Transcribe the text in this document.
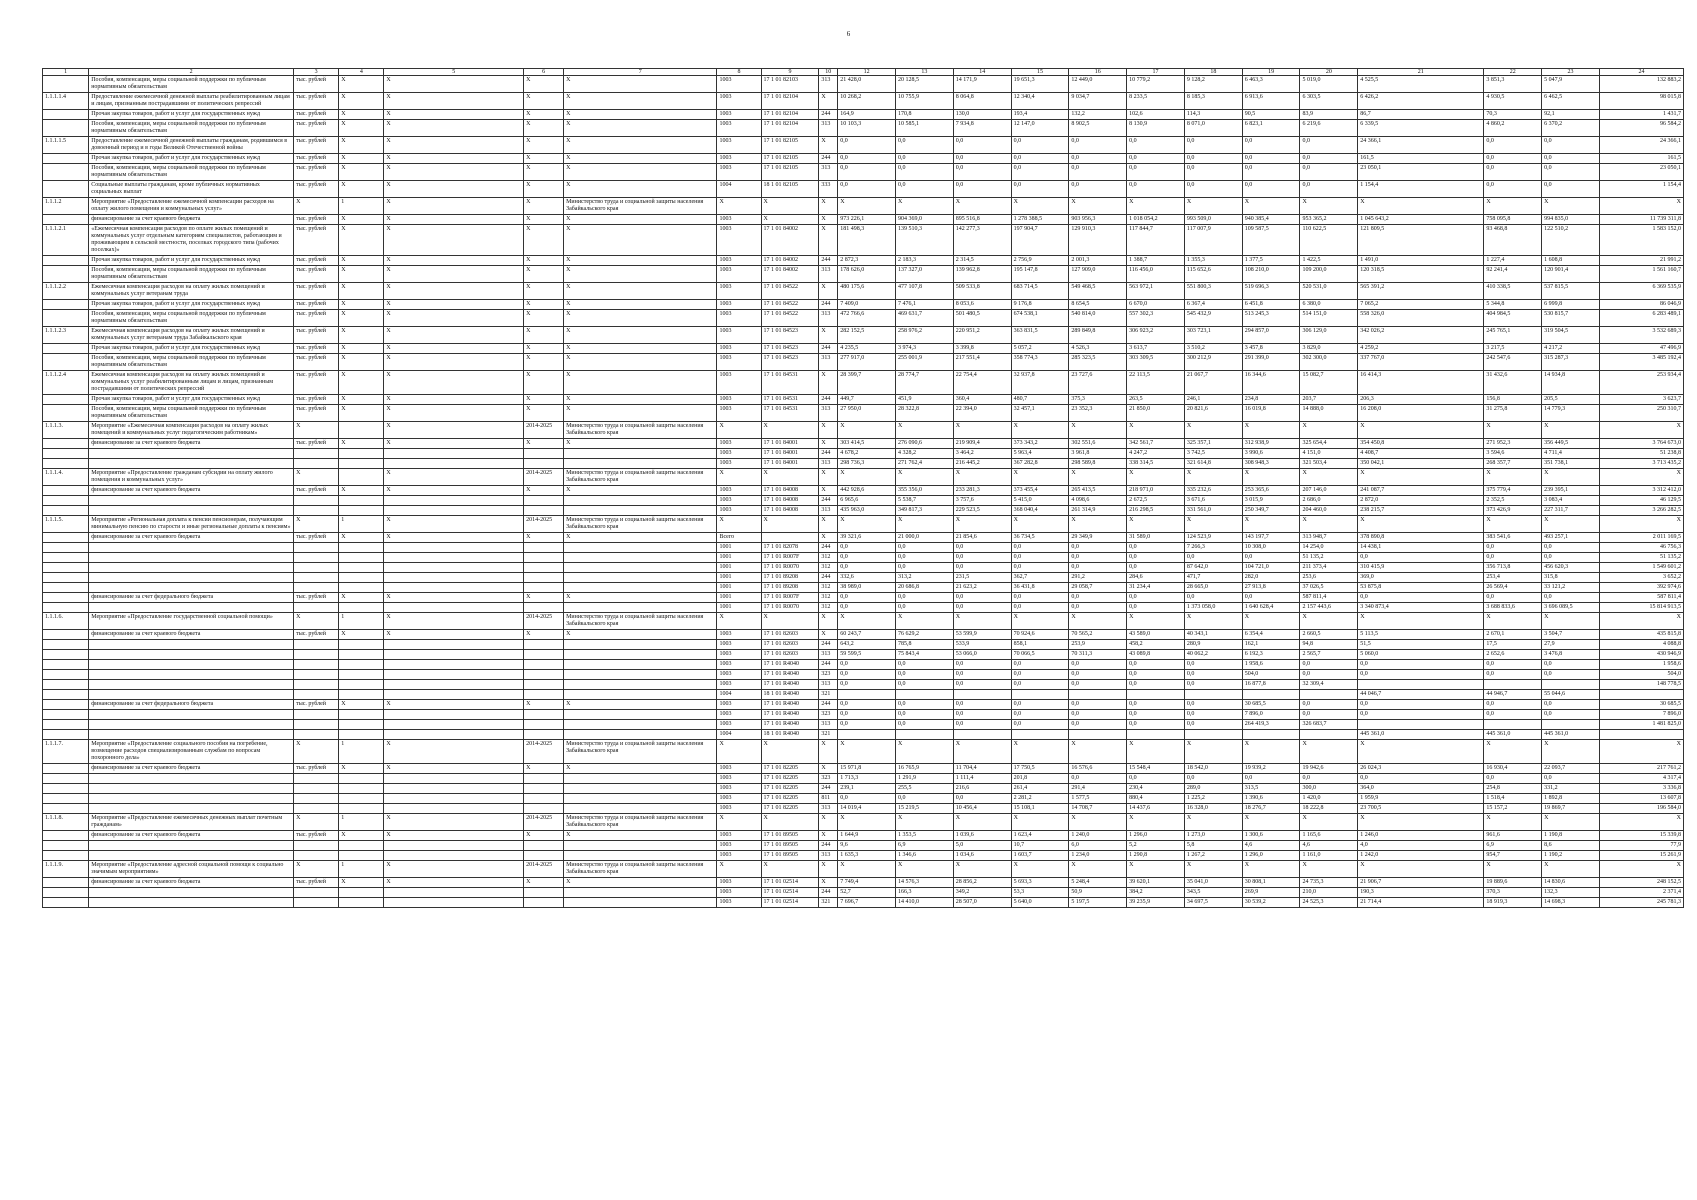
6
1	2	3	4	5	6	7	8	9	10	12	13	14	15	16	17	18	19	20	21	22	23	24
	Пособия, компенсации, меры социальной поддержки по публичным нормативным обязательствам	тыс. рублей	X	X	X	X	1003	17 1 01 82103	313	21 428,0	20 128,5	14 171,9	19 651,3	12 449,0	10 779,2	9 128,2	6 463,3	5 019,0	4 525,5	3 851,3	5 047,9	132 883,2
1.1.1.1.4	Предоставление ежемесячной денежной выплаты реабилитированным лицам и лицам, признанным пострадавшими от политических репрессий	тыс. рублей	X	X	X	X	1003	17 1 01 82104	X	10 268,2	10 755,9	8 064,8	12 340,4	9 034,7	8 233,5	8 185,3	6 913,6	6 303,5	6 426,2	4 930,5	6 462,5	98 015,8
	Прочая закупка товаров, работ и услуг для государственных нужд	тыс. рублей	X	X	X	X	1003	17 1 01 82104	244	164,9	170,8	130,0	193,4	132,2	102,6	114,3	90,5	83,9	86,7	70,3	92,1	1 431,7
	Пособия, компенсации, меры социальной поддержки по публичным нормативным обязательствам	тыс. рублей	X	X	X	X	1003	17 1 01 82104	313	10 103,3	10 585,1	7 934,8	12 147,0	8 902,5	8 130,9	8 071,0	6 823,1	6 219,6	6 339,5	4 860,2	6 370,2	96 584,2
1.1.1.1.5	Предоставление ежемесячной денежной выплаты гражданам, родившимся в довоенный период и в годы Великой Отечественной войны	тыс. рублей	X	X	X	X	1003	17 1 01 82105	X	0,0	0,0	0,0	0,0	0,0	0,0	0,0	0,0	0,0	24 366,1	0,0	0,0	24 366,1
	Прочая закупка товаров, работ и услуг для государственных нужд	тыс. рублей	X	X	X	X	1003	17 1 01 82105	244	0,0	0,0	0,0	0,0	0,0	0,0	0,0	0,0	0,0	161,5	0,0	0,0	161,5
	Пособия, компенсации, меры социальной поддержки по публичным нормативным обязательствам	тыс. рублей	X	X	X	X	1003	17 1 01 82105	313	0,0	0,0	0,0	0,0	0,0	0,0	0,0	0,0	0,0	23 050,1	0,0	0,0	23 050,1
	Социальные выплаты гражданам, кроме публичных нормативных социальных выплат	тыс. рублей	X	X	X	X	1004	18 1 01 82105	333	0,0	0,0	0,0	0,0	0,0	0,0	0,0	0,0	0,0	1 154,4	0,0	0,0	1 154,4
1.1.1.2	Мероприятие «Предоставление ежемесячной компенсации расходов на оплату жилого помещения и коммунальных услуг»	X	1	X	X	Министерство труда и социальной защиты населения Забайкальского края	X	X	X	X	X	X	X	X	X	X	X	X	X	X	X	X
	финансирование за счет краевого бюджета	тыс. рублей	X	X	X	X	1003	X	X	973 226,1	904 369,0	895 516,8	1 278 388,5	903 956,3	1 018 054,2	993 509,0	940 385,4	953 365,2	1 045 643,2	758 095,8	994 835,0	11 739 311,8
1.1.1.2.1	«Ежемесячная компенсация расходов по оплате жилых помещений и коммунальных услуг отдельным категориям специалистов, работающим и проживающим в сельской местности, поселках городского типа (рабочих поселках)»	тыс. рублей	X	X	X	X	1003	17 1 01 84002	X	181 498,3	139 510,3	142 277,3	197 904,7	129 910,3	117 844,7	117 007,9	109 587,5	110 622,5	121 809,5	93 468,8	122 510,2	1 583 152,0
	Прочая закупка товаров, работ и услуг для государственных нужд	тыс. рублей	X	X	X	X	1003	17 1 01 84002	244	2 872,3	2 183,3	2 314,5	2 756,9	2 001,3	1 388,7	1 355,3	1 377,5	1 422,5	1 491,0	1 227,4	1 608,8	21 991,2
	Пособия, компенсации, меры социальной поддержки по публичным нормативным обязательствам	тыс. рублей	X	X	X	X	1003	17 1 01 84002	313	178 626,0	137 327,0	139 962,8	195 147,8	127 909,0	116 456,0	115 652,6	108 210,0	109 200,0	120 318,5	92 241,4	120 901,4	1 561 160,7
1.1.1.2.2	Ежемесячная компенсация расходов на оплату жилых помещений и коммунальных услуг ветеранам труда	тыс. рублей	X	X	X	X	1003	17 1 01 84522	X	480 175,6	477 107,8	509 533,8	683 714,5	549 468,5	563 972,1	551 800,3	519 696,3	520 531,0	565 391,2	410 338,5	537 815,5	6 369 535,9
	Прочая закупка товаров, работ и услуг для государственных нужд	тыс. рублей	X	X	X	X	1003	17 1 01 84522	244	7 409,0	7 476,1	8 053,6	9 176,8	8 654,5	6 670,0	6 367,4	6 451,8	6 380,0	7 065,2	5 344,8	6 999,8	86 046,9
	Пособия, компенсации, меры социальной поддержки по публичным нормативным обязательствам	тыс. рублей	X	X	X	X	1003	17 1 01 84522	313	472 766,6	469 631,7	501 480,5	674 538,1	540 814,0	557 302,3	545 432,9	513 245,3	514 151,0	558 326,0	404 984,5	530 815,7	6 283 489,1
1.1.1.2.3	Ежемесячная компенсация расходов на оплату жилых помещений и коммунальных услуг ветеранам труда Забайкальского края	тыс. рублей	X	X	X	X	1003	17 1 01 84523	X	282 152,5	258 976,2	220 951,2	363 831,5	289 849,8	306 923,2	303 723,1	294 857,0	306 129,0	342 026,2	245 765,1	319 504,5	3 532 689,3
	Прочая закупка товаров, работ и услуг для государственных нужд	тыс. рублей	X	X	X	X	1003	17 1 01 84523	244	4 235,5	3 974,3	3 399,8	5 057,2	4 526,3	3 613,7	3 510,2	3 457,8	3 829,0	4 259,2	3 217,5	4 217,2	47 496,9
	Пособия, компенсации, меры социальной поддержки по публичным нормативным обязательствам	тыс. рублей	X	X	X	X	1003	17 1 01 84523	313	277 917,0	255 001,9	217 551,4	358 774,3	285 323,5	303 309,5	300 212,9	291 399,0	302 300,0	337 767,0	242 547,6	315 287,3	3 485 192,4
1.1.1.2.4	Ежемесячная компенсация расходов на оплату жилых помещений и коммунальных услуг реабилитированным лицам и лицам, признанным пострадавшими от политических репрессий	тыс. рублей	X	X	X	X	1003	17 1 01 84531	X	28 399,7	28 774,7	22 754,4	32 937,8	23 727,6	22 113,5	21 067,7	16 344,6	15 082,7	16 414,3	31 432,6	14 934,8	253 934,4
	Прочая закупка товаров, работ и услуг для государственных нужд	тыс. рублей	X	X	X	X	1003	17 1 01 84531	244	449,7	451,9	360,4	480,7	375,3	263,5	246,1	234,8	203,7	206,3	156,8	205,5	3 623,7
	Пособия, компенсации, меры социальной поддержки по публичным нормативным обязательствам	тыс. рублей	X	X	X	X	1003	17 1 01 84531	313	27 950,0	28 322,8	22 394,0	32 457,1	23 352,3	21 850,0	20 821,6	16 019,8	14 888,0	16 208,0	31 275,8	14 779,3	250 310,7
1.1.1.3.	Мероприятие «Ежемесячная компенсация расходов на оплату жилых помещений и коммунальных услуг педагогическим работникам»	X		X	2014-2025	Министерство труда и социальной защиты населения Забайкальского края	X	X	X	X	X	X	X	X	X	X	X	X	X	X	X	X
	финансирование за счет краевого бюджета	тыс. рублей	X	X	X	X	1003	17 1 01 84001	X	303 414,5	276 090,6	219 909,4	373 343,2	302 551,6	342 561,7	325 357,1	312 938,9	325 654,4	354 450,8	271 952,3	356 449,5	3 764 673,0
							1003	17 1 01 84001	244	4 678,2	4 328,2	3 464,2	5 963,4	3 961,8	4 247,2	3 742,5	3 990,6	4 151,0	4 408,7	3 594,6	4 711,4	51 238,8
							1003	17 1 01 84001	313	298 736,3	271 762,4	216 445,2	367 282,8	298 589,8	338 314,5	321 614,8	308 948,3	321 503,4	350 042,1	268 357,7	351 738,1	3 713 435,2
1.1.1.4.	Мероприятие «Предоставление гражданам субсидии на оплату жилого помещения и коммунальных услуг»	X		X	2014-2025	Министерство труда и социальной защиты населения Забайкальского края	X	X	X	X	X	X	X	X	X	X	X	X	X	X	X	X
	финансирование за счет краевого бюджета	тыс. рублей	X	X	X	X	1003	17 1 01 84008	X	442 928,6	355 356,0	233 281,3	373 455,4	265 413,5	218 971,0	335 232,6	253 365,6	207 146,0	241 087,7	375 779,4	239 395,1	3 312 412,0
							1003	17 1 01 84008	244	6 965,6	5 538,7	3 757,6	5 415,0	4 098,6	2 672,5	3 671,6	3 015,9	2 686,0	2 872,0	2 352,5	3 083,4	46 129,5
							1003	17 1 01 84008	313	435 963,0	349 817,3	229 523,5	368 040,4	261 314,9	216 298,5	331 561,0	250 349,7	204 460,0	238 215,7	373 426,9	227 311,7	3 266 282,5
1.1.1.5.	Мероприятие «Региональная доплата к пенсии пенсионерам, получающим минимальную пенсию по старости и иные региональные доплаты к пенсиям»	X	1	X	2014-2025	Министерство труда и социальной защиты населения Забайкальского края	X	X	X	X	X	X	X	X	X	X	X	X	X	X	X	X
	финансирование за счет краевого бюджета	тыс. рублей	X	X	X	X	Всего		X	39 321,6	21 000,0	21 854,6	36 734,5	29 349,9	31 589,0	124 523,9	143 197,7	313 948,7	378 890,8	383 541,6	493 257,1	2 011 169,5
							1001	17 1 01 82078	244	0,0	0,0	0,0	0,0	0,0	0,0	7 266,3	10 308,0	14 254,0	14 438,1	0,0	0,0	46 756,3
							1001	17 1 01 R007F	312	0,0	0,0	0,0	0,0	0,0	0,0	0,0	0,0	51 135,2	0,0	0,0	0,0	51 135,2
							1001	17 1 01 R0070	312	0,0	0,0	0,0	0,0	0,0	0,0	87 642,0	104 721,0	211 373,4	310 415,9	356 713,8	456 620,3	1 549 601,2
							1001	17 1 01 89208	244	332,6	313,2	231,5	362,7	291,2	284,6	471,7	282,0	253,6	369,0	253,4	315,8	3 652,2
							1001	17 1 01 89208	312	38 989,0	20 686,8	21 623,2	36 431,8	29 058,7	31 234,4	28 665,0	27 913,8	37 026,5	53 875,8	26 569,4	33 121,2	392 974,6
	финансирование за счет федерального бюджета	тыс. рублей	X	X	X	X	1001	17 1 01 R007F	312	0,0	0,0	0,0	0,0	0,0	0,0	0,0	0,0	587 811,4	0,0	0,0	0,0	587 811,4
							1001	17 1 01 R0070	312	0,0	0,0	0,0	0,0	0,0	0,0	1 373 058,0	1 640 628,4	2 157 443,6	3 340 873,4	3 688 833,6	3 696 089,5	15 814 913,5
1.1.1.6.	Мероприятие «Предоставление государственной социальной помощи»	X	1	X	2014-2025	Министерство труда и социальной защиты населения Забайкальского края	X	X	X	X	X	X	X	X	X	X	X	X	X	X	X	X
	финансирование за счет краевого бюджета	тыс. рублей	X	X	X	X	1003	17 1 01 82603	X	60 243,7	76 629,2	53 599,9	70 924,6	70 565,2	43 589,0	40 343,1	6 354,4	2 660,5	5 113,5	2 670,1	3 504,7	435 815,8
							1003	17 1 01 82603	244	643,2	785,8	533,9	858,1	253,9	458,2	280,9	162,1	94,8	51,5	17,5	27,9	4 088,8
							1003	17 1 01 82603	313	59 599,5	75 843,4	53 066,0	70 066,5	70 311,3	43 089,8	40 062,2	6 192,3	2 565,7	5 060,0	2 652,6	3 476,8	430 946,9
							1003	17 1 01 R4040	244	0,0	0,0	0,0	0,0	0,0	0,0	0,0	1 958,6	0,0	0,0	0,0	0,0	1 958,6
							1003	17 1 01 R4040	323	0,0	0,0	0,0	0,0	0,0	0,0	0,0	504,0	0,0	0,0	0,0	0,0	504,0
							1003	17 1 01 R4040	313	0,0	0,0	0,0	0,0	0,0	0,0	0,0	16 877,8	32 309,4				148 778,5
							1004	18 1 01 R4040	321										44 046,7	44 946,7	55 044,6	
	финансирование за счет федерального бюджета	тыс. рублей	X	X	X	X	1003	17 1 01 R4040	244	0,0	0,0	0,0	0,0	0,0	0,0	0,0	30 685,5	0,0	0,0	0,0	0,0	30 685,5
							1003	17 1 01 R4040	323	0,0	0,0	0,0	0,0	0,0	0,0	0,0	7 896,0	0,0	0,0	0,0	0,0	7 896,0
							1003	17 1 01 R4040	313	0,0	0,0	0,0	0,0	0,0	0,0	0,0	264 419,3	326 683,7				1 481 825,0
							1004	18 1 01 R4040	321										445 361,0	445 361,0	445 361,0	
1.1.1.7.	Мероприятие «Предоставление социального пособия на погребение, возмещение расходов специализированным службам по вопросам похоронного дела»	X	1	X	2014-2025	Министерство труда и социальной защиты населения Забайкальского края	X	X	X	X	X	X	X	X	X	X	X	X	X	X	X	X
	финансирование за счет краевого бюджета	тыс. рублей	X	X	X	X	1003	17 1 01 82205	X	15 971,8	16 765,9	11 704,4	17 750,5	16 576,6	15 548,4	18 542,0	19 939,2	19 942,6	26 024,3	16 930,4	22 093,7	217 761,2
							1003	17 1 01 82205	323	1 713,3	1 291,9	1 111,4	201,8	0,0	0,0	0,0	0,0	0,0	0,0	0,0	0,0	4 317,4
							1003	17 1 01 82205	244	239,1	255,5	216,6	261,4	291,4	230,4	289,0	313,5	300,0	364,0	254,8	331,2	3 336,8
							1003	17 1 01 82205	811	0,0	0,0	0,0	2 281,2	1 577,5	880,4	1 225,2	1 390,6	1 420,0	1 959,9	1 518,4	1 892,8	13 607,8
							1003	17 1 01 82205	313	14 019,4	15 219,5	10 456,4	15 108,1	14 708,7	14 437,6	16 328,0	18 276,7	18 222,8	23 700,5	15 157,2	19 869,7	196 584,0
1.1.1.8.	Мероприятие «Предоставление ежемесячных денежных выплат почетным гражданам»	X	1	X	2014-2025	Министерство труда и социальной защиты населения Забайкальского края	X	X	X	X	X	X	X	X	X	X	X	X	X	X	X	X
	финансирование за счет краевого бюджета	тыс. рублей	X	X	X	X	1003	17 1 01 89505	X	1 644,9	1 353,5	1 039,6	1 623,4	1 240,0	1 296,0	1 273,0	1 300,6	1 165,6	1 246,0	961,6	1 190,8	15 339,8
							1003	17 1 01 89505	244	9,6	6,9	5,0	10,7	6,0	5,2	5,8	4,6	4,6	4,0	6,9	8,6	77,9
							1003	17 1 01 89505	313	1 635,3	1 346,6	1 034,6	1 603,7	1 234,0	1 290,8	1 267,2	1 296,0	1 161,0	1 242,0	954,7	1 190,2	15 261,9
1.1.1.9.	Мероприятие «Предоставление адресной социальной помощи к социально значимым мероприятиям»	X	1	X	2014-2025	Министерство труда и социальной защиты населения Забайкальского края	X	X	X	X	X	X	X	X	X	X	X	X	X	X	X	X
	финансирование за счет краевого бюджета	тыс. рублей	X	X	X	X	1003	17 1 01 02514	X	7 749,4	14 576,3	28 856,2	5 693,3	5 248,4	39 620,1	35 041,0	30 808,1	24 735,3	21 906,7	19 889,6	14 830,6	248 152,5
							1003	17 1 01 02514	244	52,7	166,3	349,2	53,3	50,9	384,2	343,5	269,9	210,0	190,3	370,3	132,3	2 371,4
							1003	17 1 01 02514	321	7 696,7	14 410,0	28 507,0	5 640,0	5 197,5	39 235,9	34 697,5	30 539,2	24 525,3	21 714,4	18 919,3	14 698,3	245 781,3
